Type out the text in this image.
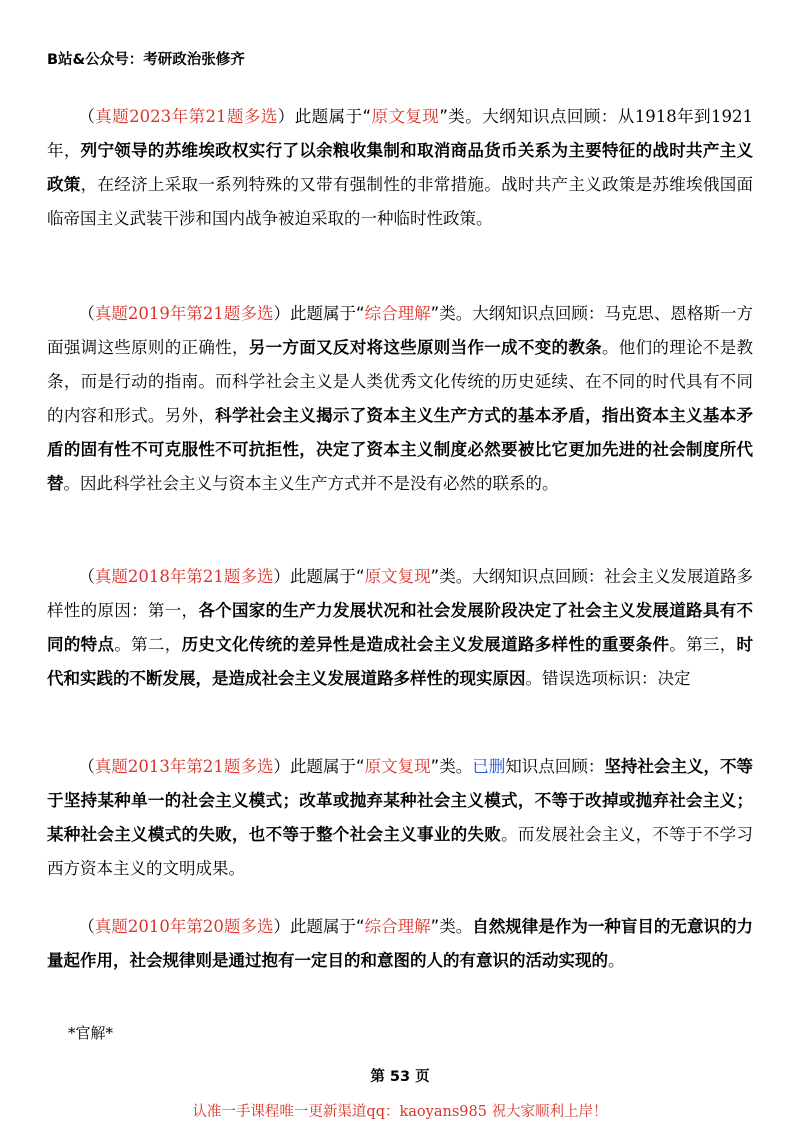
B站&公众号：考研政治张修齐
（真题2023年第21题多选）此题属于“原文复现”类。大纲知识点回顾：从1918年到1921年，列宁领导的苏维埃政权实行了以余粮收集制和取消商品货币关系为主要特征的战时共产主义政策，在经济上采取一系列特殊的又带有强制性的非常措施。战时共产主义政策是苏维埃俄国面临帝国主义武装干涉和国内战争被迫采取的一种临时性政策。
（真题2019年第21题多选）此题属于“综合理解”类。大纲知识点回顾：马克思、恩格斯一方面强调这些原则的正确性，另一方面又反对将这些原则当作一成不变的教条。他们的理论不是教条，而是行动的指南。而科学社会主义是人类优秀文化传统的历史延续、在不同的时代具有不同的内容和形式。另外，科学社会主义揭示了资本主义生产方式的基本矛盾，指出资本主义基本矛盾的固有性不可克服性不可抗拒性，决定了资本主义制度必然要被比它更加先进的社会制度所代替。因此科学社会主义与资本主义生产方式并不是没有必然的联系的。
（真题2018年第21题多选）此题属于“原文复现”类。大纲知识点回顾：社会主义发展道路多样性的原因：第一，各个国家的生产力发展状况和社会发展阶段决定了社会主义发展道路具有不同的特点。第二，历史文化传统的差异性是造成社会主义发展道路多样性的重要条件。第三，时代和实践的不断发展，是造成社会主义发展道路多样性的现实原因。错误选项标识：决定
（真题2013年第21题多选）此题属于“原文复现”类。已删知识点回顾：坚持社会主义，不等于坚持某种单一的社会主义模式；改革或抛弃某种社会主义模式，不等于改掉或抛弃社会主义；某种社会主义模式的失败，也不等于整个社会主义事业的失败。而发展社会主义，不等于不学习西方资本主义的文明成果。
（真题2010年第20题多选）此题属于“综合理解”类。自然规律是作为一种盲目的无意识的力量起作用，社会规律则是通过抱有一定目的和意图的人的有意识的活动实现的。
*官解*
第 53 页
认准一手课程唯一更新渠道qq：kaoyans985 祝大家顺利上岸！
